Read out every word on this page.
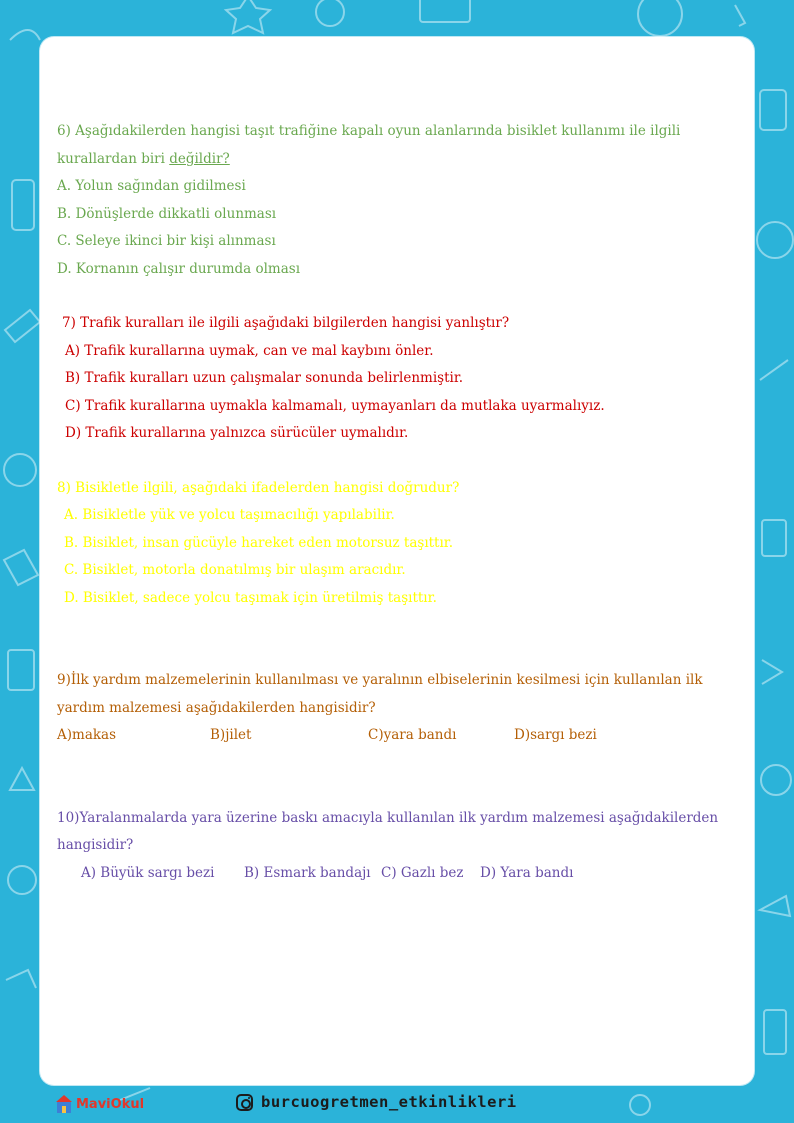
6) Aşağıdakilerden hangisi taşıt trafiğine kapalı oyun alanlarında bisiklet kullanımı ile ilgili kurallardan biri değildir?

A. Yolun sağından gidilmesi

B. Dönüşlerde dikkatli olunması

C. Seleye ikinci bir kişi alınması

D. Kornanın çalışır durumda olması

7) Trafik kuralları ile ilgili aşağıdaki bilgilerden hangisi yanlıştır?

A) Trafik kurallarına uymak, can ve mal kaybını önler.

B) Trafik kuralları uzun çalışmalar sonunda belirlenmiştir.

C) Trafik kurallarına uymakla kalmamalı, uymayanları da mutlaka uyarmalıyız.

D) Trafik kurallarına yalnızca sürücüler uymalıdır.

8) Bisikletle ilgili, aşağıdaki ifadelerden hangisi doğrudur?

A. Bisikletle yük ve yolcu taşımacılığı yapılabilir.

B. Bisiklet, insan gücüyle hareket eden motorsuz taşıttır.

C. Bisiklet, motorla donatılmış bir ulaşım aracıdır.

D. Bisiklet, sadece yolcu taşımak için üretilmiş taşıttır.

9)İlk yardım malzemelerinin kullanılması ve yaralının elbiselerinin kesilmesi için kullanılan ilk yardım malzemesi aşağıdakilerden hangisidir?

A)makas	B)jilet	C)yara bandı	D)sargı bezi

10)Yaralanmalarda yara üzerine baskı amacıyla kullanılan ilk yardım malzemesi aşağıdakilerden hangisidir?

A) Büyük sargı bezi	B) Esmark bandajı C) Gazlı bez	D) Yara bandı
MaviOkul	burcuogretmen_etkinlikleri
